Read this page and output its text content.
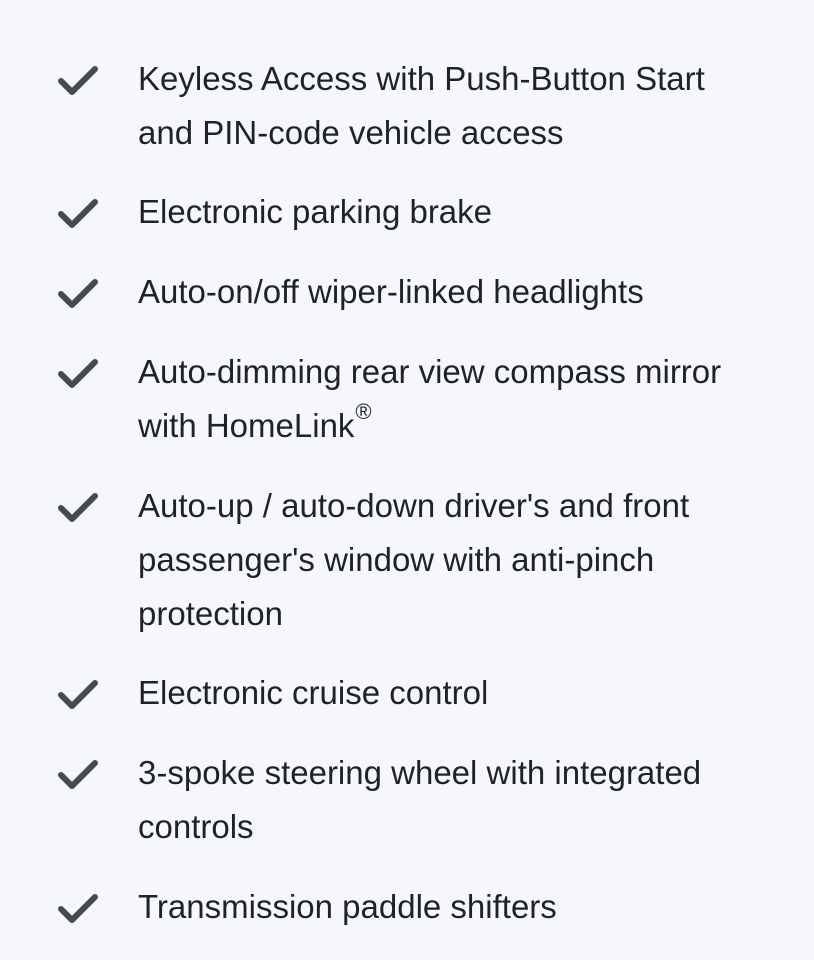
Keyless Access with Push-Button Start and PIN-code vehicle access
Electronic parking brake
Auto-on/off wiper-linked headlights
Auto-dimming rear view compass mirror with HomeLink®
Auto-up / auto-down driver's and front passenger's window with anti-pinch protection
Electronic cruise control
3-spoke steering wheel with integrated controls
Transmission paddle shifters
